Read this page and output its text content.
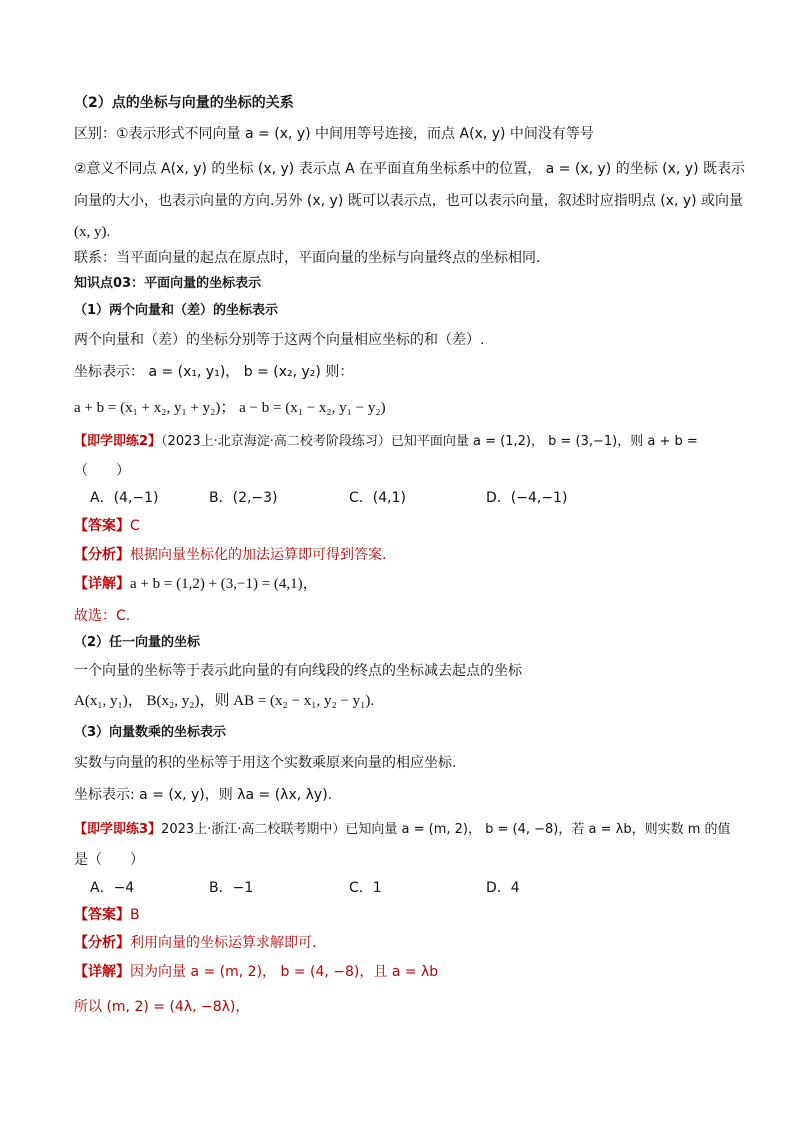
（2）点的坐标与向量的坐标的关系
区别：①表示形式不同向量 a = (x, y) 中间用等号连接，而点 A(x, y) 中间没有等号
②意义不同点 A(x, y) 的坐标 (x, y) 表示点 A 在平面直角坐标系中的位置， a = (x, y) 的坐标 (x, y) 既表示
向量的大小，也表示向量的方向.另外 (x, y) 既可以表示点，也可以表示向量，叙述时应指明点 (x, y) 或向量
(x, y).
联系：当平面向量的起点在原点时，平面向量的坐标与向量终点的坐标相同.
知识点03：平面向量的坐标表示
（1）两个向量和（差）的坐标表示
两个向量和（差）的坐标分别等于这两个向量相应坐标的和（差）.
坐标表示： a = (x₁, y₁)， b = (x₂, y₂) 则：
a + b = (x₁ + x₂, y₁ + y₂)； a − b = (x₁ − x₂, y₁ − y₂)
【即学即练2】（2023上·北京海淀·高二校考阶段练习）已知平面向量 a = (1,2)， b = (3,−1)，则 a + b =
（　　）
A．(4,−1)	B．(2,−3)	C．(4,1)	D．(−4,−1)
【答案】C
【分析】根据向量坐标化的加法运算即可得到答案.
【详解】a + b = (1,2) + (3,−1) = (4,1)，
故选：C.
（2）任一向量的坐标
一个向量的坐标等于表示此向量的有向线段的终点的坐标减去起点的坐标
A(x₁, y₁)， B(x₂, y₂)，则 AB = (x₂ − x₁, y₂ − y₁).
（3）向量数乘的坐标表示
实数与向量的积的坐标等于用这个实数乘原来向量的相应坐标.
坐标表示: a = (x, y)，则 λa = (λx, λy).
【即学即练3】2023上·浙江·高二校联考期中）已知向量 a = (m, 2)， b = (4, −8)，若 a = λb，则实数 m 的值
是（　　）
A．−4	B．−1	C．1	D．4
【答案】B
【分析】利用向量的坐标运算求解即可.
【详解】因为向量 a = (m, 2)， b = (4, −8)，且 a = λb
所以 (m, 2) = (4λ, −8λ)，
